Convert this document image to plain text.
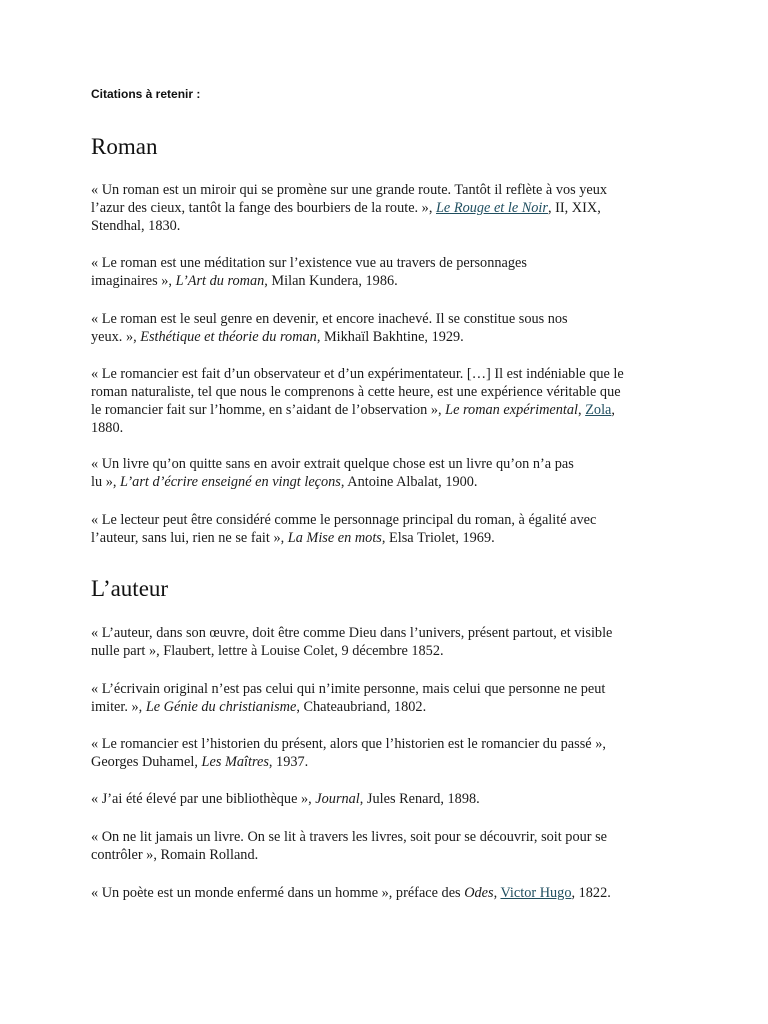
Citations à retenir :
Roman

« Un roman est un miroir qui se promène sur une grande route. Tantôt il reflète à vos yeux
l’azur des cieux, tantôt la fange des bourbiers de la route. », Le Rouge et le Noir, II, XIX,
Stendhal, 1830.

« Le roman est une méditation sur l’existence vue au travers de personnages
imaginaires », L’Art du roman, Milan Kundera, 1986.

« Le roman est le seul genre en devenir, et encore inachevé. Il se constitue sous nos
yeux. », Esthétique et théorie du roman, Mikhaïl Bakhtine, 1929.

« Le romancier est fait d’un observateur et d’un expérimentateur. […] Il est indéniable que le
roman naturaliste, tel que nous le comprenons à cette heure, est une expérience véritable que
le romancier fait sur l’homme, en s’aidant de l’observation », Le roman expérimental, Zola,
1880.

« Un livre qu’on quitte sans en avoir extrait quelque chose est un livre qu’on n’a pas
lu », L’art d’écrire enseigné en vingt leçons, Antoine Albalat, 1900.

« Le lecteur peut être considéré comme le personnage principal du roman, à égalité avec
l’auteur, sans lui, rien ne se fait », La Mise en mots, Elsa Triolet, 1969.

L’auteur

« L’auteur, dans son œuvre, doit être comme Dieu dans l’univers, présent partout, et visible
nulle part », Flaubert, lettre à Louise Colet, 9 décembre 1852.

« L’écrivain original n’est pas celui qui n’imite personne, mais celui que personne ne peut
imiter. », Le Génie du christianisme, Chateaubriand, 1802.

« Le romancier est l’historien du présent, alors que l’historien est le romancier du passé »,
Georges Duhamel, Les Maîtres, 1937.

« J’ai été élevé par une bibliothèque », Journal, Jules Renard, 1898.

« On ne lit jamais un livre. On se lit à travers les livres, soit pour se découvrir, soit pour se
contrôler », Romain Rolland.

« Un poète est un monde enfermé dans un homme », préface des Odes, Victor Hugo, 1822.
